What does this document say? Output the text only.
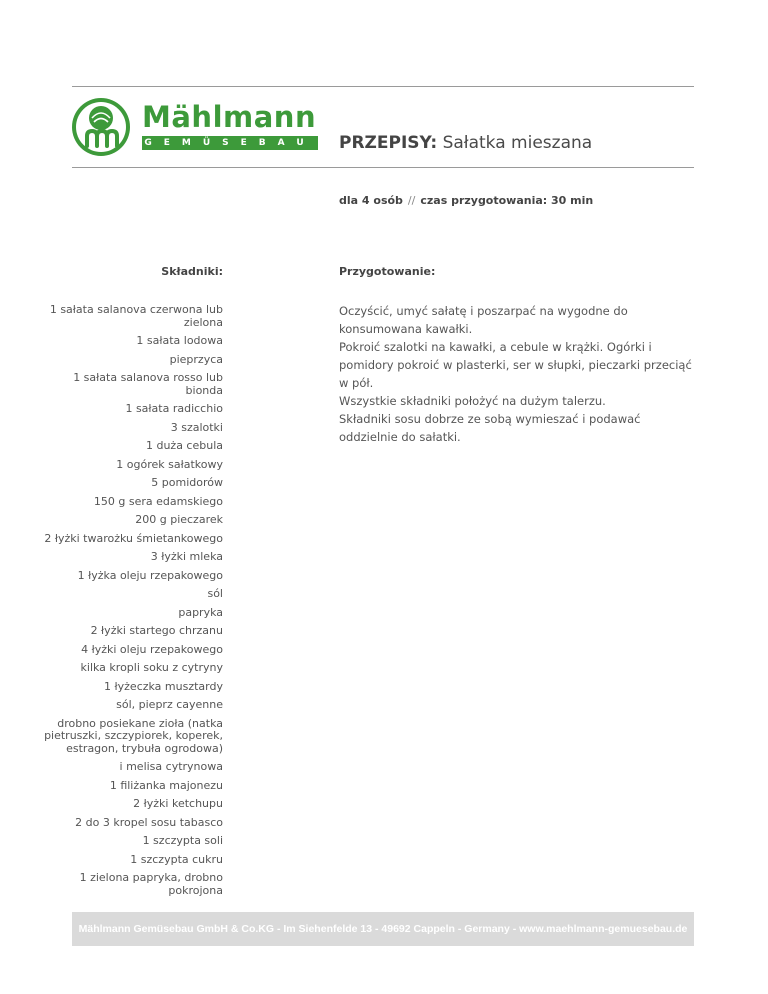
Mählmann
GEMÜSEBAU PRZEPISY: Sałatka mieszana
dla 4 osób // czas przygotowania: 30 min
Składniki:	Przygotowanie:
1 sałata salanova czerwona lub zielona
1 sałata lodowa
pieprzyca
1 sałata salanova rosso lub bionda
1 sałata radicchio
3 szalotki
1 duża cebula
1 ogórek sałatkowy
5 pomidorów
150 g sera edamskiego
200 g pieczarek
2 łyżki twarożku śmietankowego
3 łyżki mleka
1 łyżka oleju rzepakowego
sól
papryka
2 łyżki startego chrzanu
4 łyżki oleju rzepakowego
kilka kropli soku z cytryny
1 łyżeczka musztardy
sól, pieprz cayenne
drobno posiekane zioła (natka pietruszki, szczypiorek, koperek, estragon, trybuła ogrodowa)
i melisa cytrynowa
1 filiżanka majonezu
2 łyżki ketchupu
2 do 3 kropel sosu tabasco
1 szczypta soli
1 szczypta cukru
1 zielona papryka, drobno pokrojona

Oczyścić, umyć sałatę i poszarpać na wygodne do konsumowana kawałki.

Pokroić szalotki na kawałki, a cebule w krążki. Ogórki i pomidory pokroić w plasterki, ser w słupki, pieczarki przeciąć w pół.

Wszystkie składniki położyć na dużym talerzu.

Składniki sosu dobrze ze sobą wymieszać i podawać oddzielnie do sałatki.

Mählmann Gemüsebau GmbH & Co.KG - Im Siehenfelde 13 - 49692 Cappeln - Germany - www.maehlmann-gemuesebau.de
